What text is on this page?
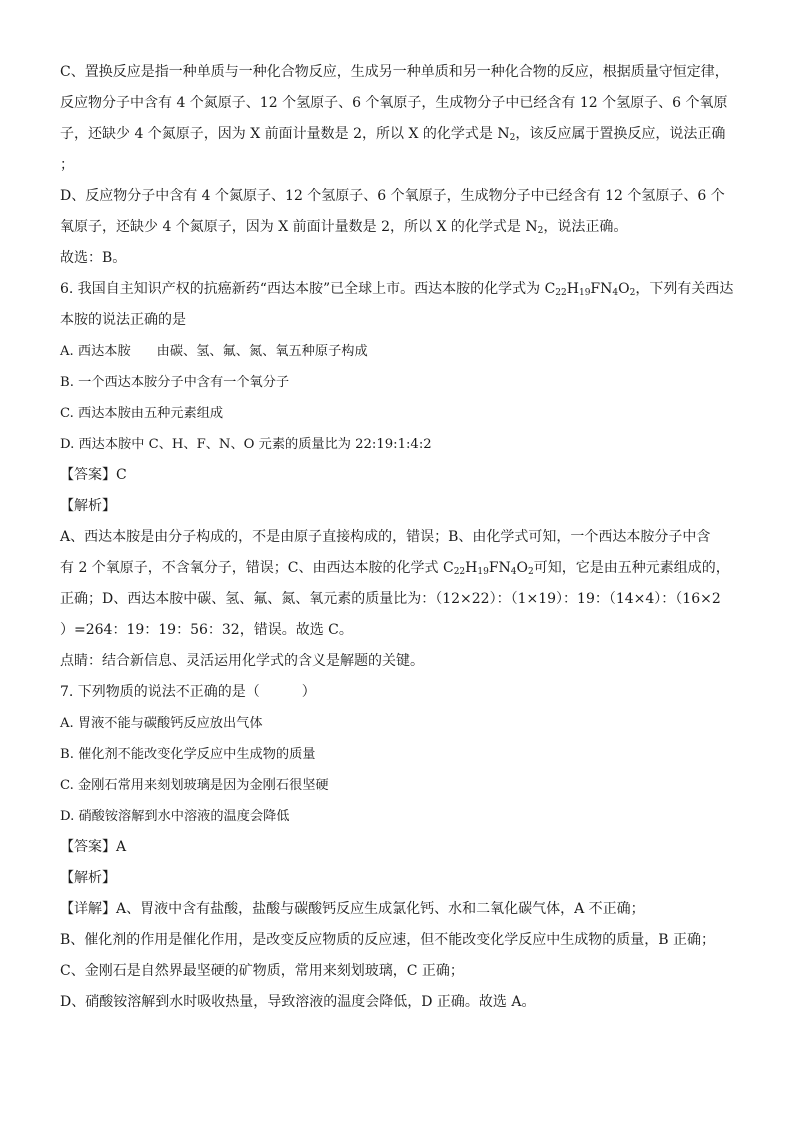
C、置换反应是指一种单质与一种化合物反应，生成另一种单质和另一种化合物的反应，根据质量守恒定律，
反应物分子中含有 4 个氮原子、12 个氢原子、6 个氧原子，生成物分子中已经含有 12 个氢原子、6 个氧原
子，还缺少 4 个氮原子，因为 X 前面计量数是 2，所以 X 的化学式是 $N_2$，该反应属于置换反应，说法正确
；
D、反应物分子中含有 4 个氮原子、12 个氢原子、6 个氧原子，生成物分子中已经含有 12 个氢原子、6 个
氧原子，还缺少 4 个氮原子，因为 X 前面计量数是 2，所以 X 的化学式是 $N_2$，说法正确。
故选：B。
6. 我国自主知识产权的抗癌新药“西达本胺”已全球上市。西达本胺的化学式为 $C_{22}H_{19}FN_4O_2$，下列有关西达
本胺的说法正确的是
A. 西达本胺 由碳、氢、氟、氮、氧五种原子构成
B. 一个西达本胺分子中含有一个氧分子
C. 西达本胺由五种元素组成
D. 西达本胺中 C、H、F、N、O 元素的质量比为 22:19:1:4:2
【答案】C
【解析】
A、西达本胺是由分子构成的，不是由原子直接构成的，错误；B、由化学式可知，一个西达本胺分子中含
有 2 个氧原子，不含氧分子，错误；C、由西达本胺的化学式 $C_{22}H_{19}FN_4O_2$可知，它是由五种元素组成的，
正确；D、西达本胺中碳、氢、氟、氮、氧元素的质量比为：（12×22）：（1×19）：19：（14×4）：（16×2
）=264：19：19：56：32，错误。故选 C。
点睛：结合新信息、灵活运用化学式的含义是解题的关键。
7. 下列物质的说法不正确的是（　　　）
A. 胃液不能与碳酸钙反应放出气体
B. 催化剂不能改变化学反应中生成物的质量
C. 金刚石常用来刻划玻璃是因为金刚石很坚硬
D. 硝酸铵溶解到水中溶液的温度会降低
【答案】A
【解析】
【详解】A、胃液中含有盐酸，盐酸与碳酸钙反应生成氯化钙、水和二氧化碳气体，A 不正确；
B、催化剂的作用是催化作用，是改变反应物质的反应速，但不能改变化学反应中生成物的质量，B 正确；
C、金刚石是自然界最坚硬的矿物质，常用来刻划玻璃，C 正确；
D、硝酸铵溶解到水时吸收热量，导致溶液的温度会降低，D 正确。故选 A。
